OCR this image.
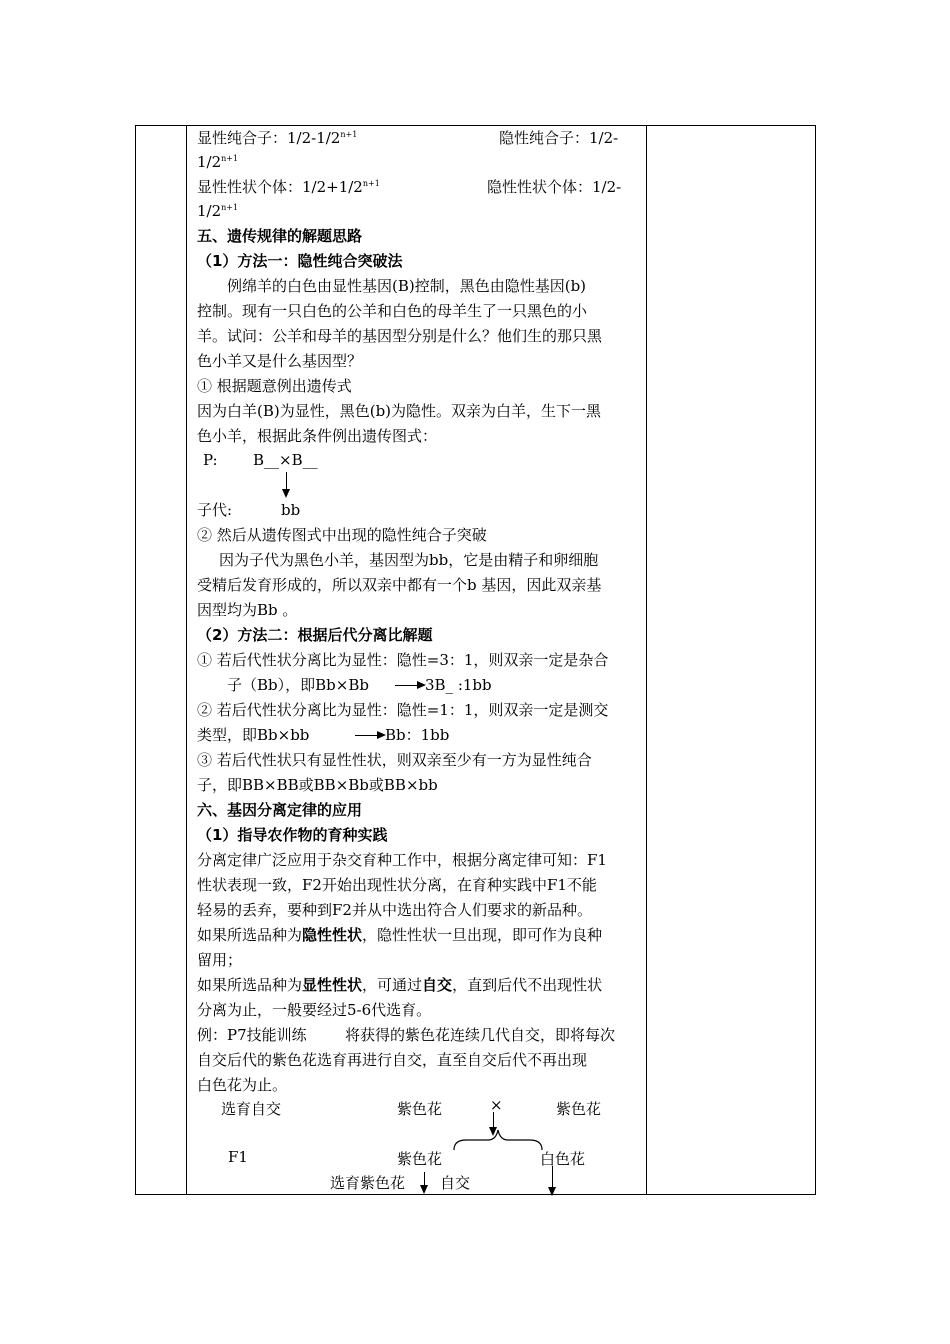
显性纯合子：$1/2-1/2^{n+1}$	隐性纯合子：1/2-
$1/2^{n+1}$
显性性状个体：$1/2+1/2^{n+1}$	隐性性状个体：1/2-
$1/2^{n+1}$
五、遗传规律的解题思路
（1）方法一：隐性纯合突破法
例绵羊的白色由显性基因(B)控制，黑色由隐性基因(b)
控制。现有一只白色的公羊和白色的母羊生了一只黑色的小
羊。试问：公羊和母羊的基因型分别是什么？他们生的那只黑
色小羊又是什么基因型？
① 根据题意例出遗传式
因为白羊(B)为显性，黑色(b)为隐性。双亲为白羊，生下一黑
色小羊，根据此条件例出遗传图式：
P: B__×B__
子代:	bb
② 然后从遗传图式中出现的隐性纯合子突破
因为子代为黑色小羊，基因型为bb，它是由精子和卵细胞
受精后发育形成的，所以双亲中都有一个b 基因，因此双亲基
因型均为Bb 。
（2）方法二：根据后代分离比解题
① 若后代性状分离比为显性：隐性=3：1，则双亲一定是杂合
子（Bb），即Bb×Bb	3B_ :1bb
② 若后代性状分离比为显性：隐性=1：1，则双亲一定是测交
类型，即Bb×bb	Bb：1bb
③ 若后代性状只有显性性状，则双亲至少有一方为显性纯合
子，即BB×BB或BB×Bb或BB×bb
六、基因分离定律的应用
（1）指导农作物的育种实践
分离定律广泛应用于杂交育种工作中，根据分离定律可知：F1
性状表现一致，F2开始出现性状分离，在育种实践中F1不能
轻易的丢弃，要种到F2并从中选出符合人们要求的新品种。
如果所选品种为隐性性状，隐性性状一旦出现，即可作为良种
留用；
如果所选品种为显性性状，可通过自交，直到后代不出现性状
分离为止，一般要经过5-6代选育。
例：P7技能训练	将获得的紫色花连续几代自交，即将每次
自交后代的紫色花选育再进行自交，直至自交后代不再出现
白色花为止。
选育自交	紫色花	×	紫色花
F1	紫色花	白色花
选育紫色花 自交
